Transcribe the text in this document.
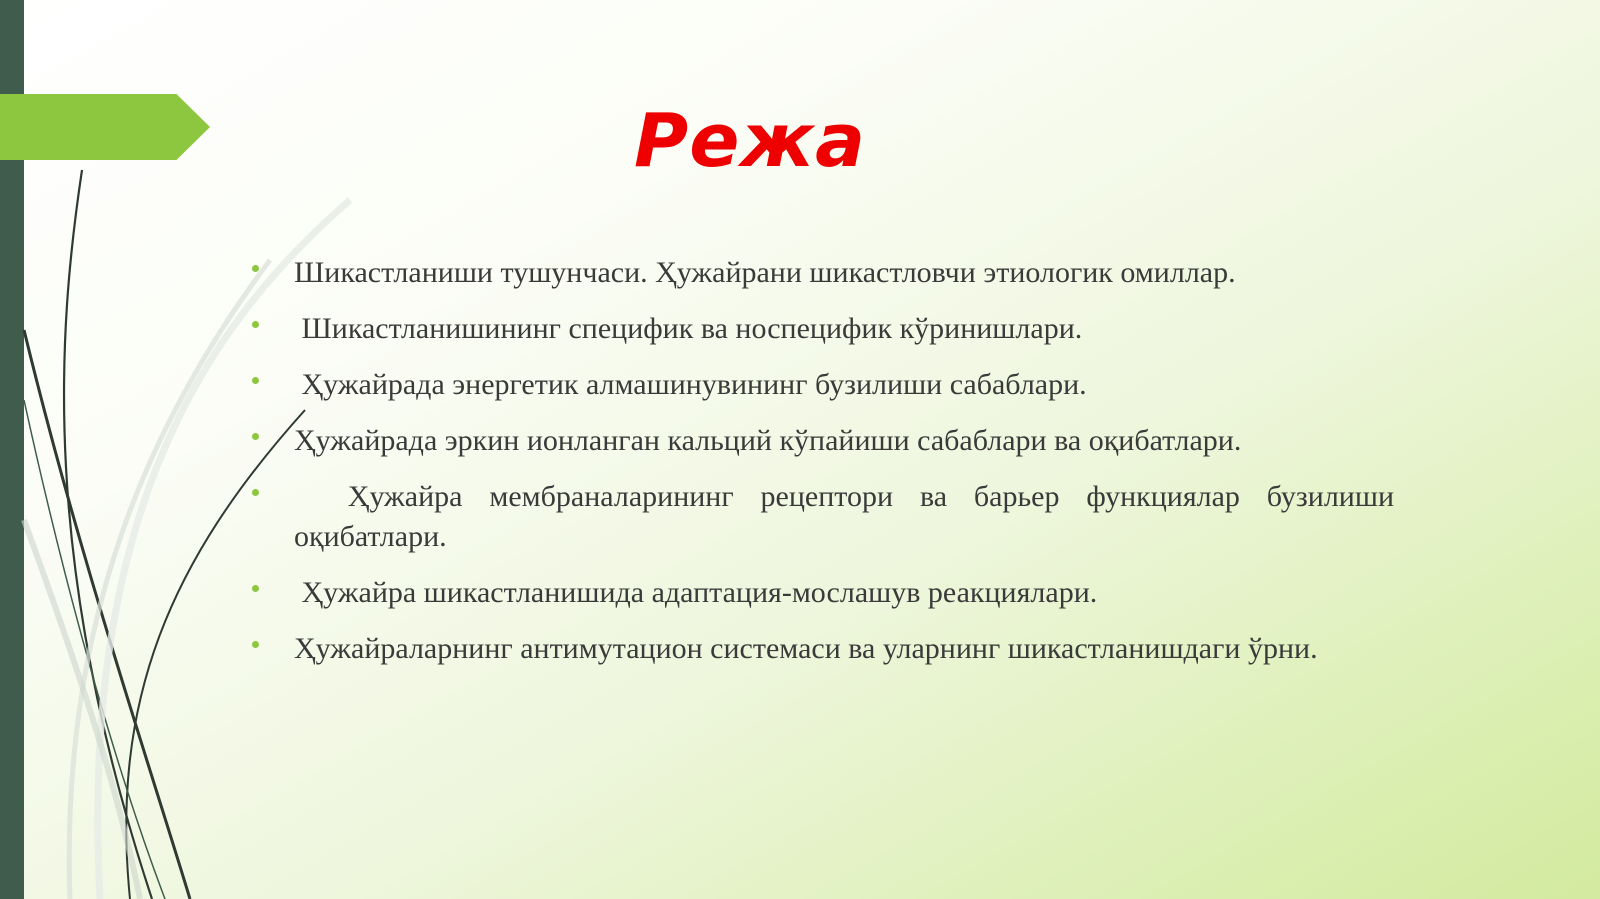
Режа
Шикастланиши тушунчаси. Ҳужайрани шикастловчи этиологик омиллар.
Шикастланишининг специфик ва носпецифик кўринишлари.
Ҳужайрада энергетик алмашинувининг бузилиши сабаблари.
Ҳужайрада эркин ионланган кальций кўпайиши сабаблари ва оқибатлари.
Ҳужайра мембраналарининг рецептори ва барьер функциялар бузилиши оқибатлари.
Ҳужайра шикастланишида адаптация-мослашув реакциялари.
Ҳужайраларнинг антимутацион системаси ва уларнинг шикастланишдаги ўрни.
